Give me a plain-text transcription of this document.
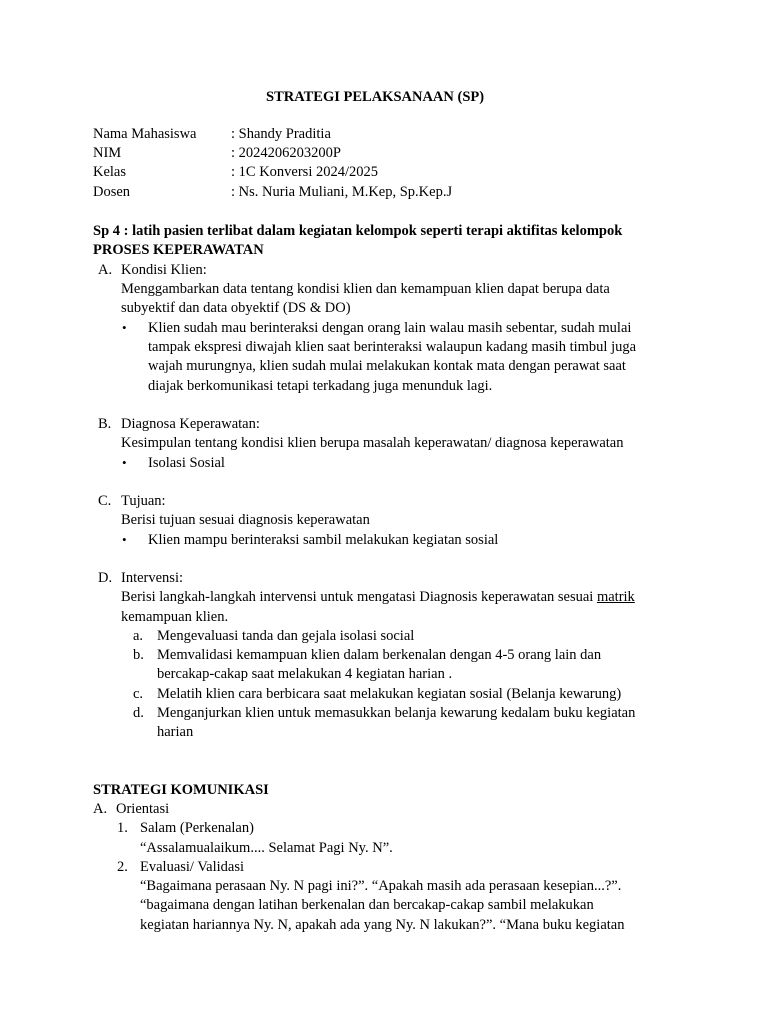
STRATEGI PELAKSANAAN (SP)
Nama Mahasiswa : Shandy Praditia
NIM	: 2024206203200P
Kelas	: 1C Konversi 2024/2025
Dosen	: Ns. Nuria Muliani, M.Kep, Sp.Kep.J
Sp 4 : latih pasien terlibat dalam kegiatan kelompok seperti terapi aktifitas kelompok
PROSES KEPERAWATAN
A. Kondisi Klien:
Menggambarkan data tentang kondisi klien dan kemampuan klien dapat berupa data
subyektif dan data obyektif (DS & DO)
• Klien sudah mau berinteraksi dengan orang lain walau masih sebentar, sudah mulai
tampak ekspresi diwajah klien saat berinteraksi walaupun kadang masih timbul juga
wajah murungnya, klien sudah mulai melakukan kontak mata dengan perawat saat
diajak berkomunikasi tetapi terkadang juga menunduk lagi.
B. Diagnosa Keperawatan:
Kesimpulan tentang kondisi klien berupa masalah keperawatan/ diagnosa keperawatan
• Isolasi Sosial
C. Tujuan:
Berisi tujuan sesuai diagnosis keperawatan
• Klien mampu berinteraksi sambil melakukan kegiatan sosial
D. Intervensi:
Berisi langkah-langkah intervensi untuk mengatasi Diagnosis keperawatan sesuai matrik
kemampuan klien.
a. Mengevaluasi tanda dan gejala isolasi social
b. Memvalidasi kemampuan klien dalam berkenalan dengan 4-5 orang lain dan
bercakap-cakap saat melakukan 4 kegiatan harian .
c. Melatih klien cara berbicara saat melakukan kegiatan sosial (Belanja kewarung)
d. Menganjurkan klien untuk memasukkan belanja kewarung kedalam buku kegiatan
harian
STRATEGI KOMUNIKASI
A. Orientasi
1. Salam (Perkenalan)
“Assalamualaikum.... Selamat Pagi Ny. N”.
2. Evaluasi/ Validasi
“Bagaimana perasaan Ny. N pagi ini?”. “Apakah masih ada perasaan kesepian...?”.
“bagaimana dengan latihan berkenalan dan bercakap-cakap sambil melakukan
kegiatan hariannya Ny. N, apakah ada yang Ny. N lakukan?”. “Mana buku kegiatan
